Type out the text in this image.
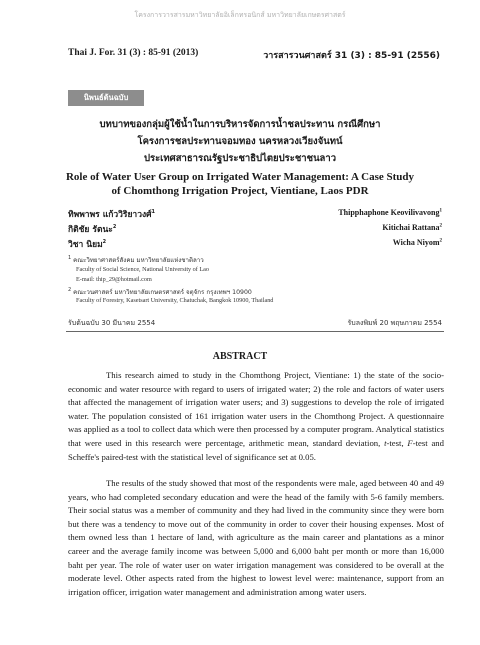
โครงการวารสารมหาวิทยาลัยอิเล็กทรอนิกส์ มหาวิทยาลัยเกษตรศาสตร์
Thai J. For. 31 (3) : 85-91 (2013)	วารสารวนศาสตร์ 31 (3) : 85-91 (2556)
นิพนธ์ต้นฉบับ
บทบาทของกลุ่มผู้ใช้น้ำในการบริหารจัดการน้ำชลประทาน กรณีศึกษา
โครงการชลประทานจอมทอง นครหลวงเวียงจันทน์
ประเทศสาธารณรัฐประชาธิปไตยประชาชนลาว
Role of Water User Group on Irrigated Water Management: A Case Study
of Chomthong Irrigation Project, Vientiane, Laos PDR
ทิพพาพร แก้ววิริยาวงศ์$^1$
กิติชัย รัตนะ$^2$
วิชา นิยม$^2$
Thipphaphone Keovilivavong$^1$
Kitichai Rattana$^2$
Wicha Niyom$^2$
$^1$ คณะวิทยาศาสตร์สังคม มหาวิทยาลัยแห่งชาติลาว
Faculty of Social Science, National University of Lao
E-mail: thip_29@hotmail.com
$^2$ คณะวนศาสตร์ มหาวิทยาลัยเกษตรศาสตร์ จตุจักร กรุงเทพฯ 10900
Faculty of Forestry, Kasetsart University, Chatuchak, Bangkok 10900, Thailand
รับต้นฉบับ 30 มีนาคม 2554	รับลงพิมพ์ 20 พฤษภาคม 2554
ABSTRACT

This research aimed to study in the Chomthong Project, Vientiane: 1) the state of the socio-economic and water resource with regard to users of irrigated water; 2) the role and factors of water users that affected the management of irrigation water users; and 3) suggestions to develop the role of irrigated water. The population consisted of 161 irrigation water users in the Chomthong Project. A questionnaire was applied as a tool to collect data which were then processed by a computer program. Analytical statistics that were used in this research were percentage, arithmetic mean, standard deviation, t-test, F-test and Scheffe's paired-test with the statistical level of significance set at 0.05.

The results of the study showed that most of the respondents were male, aged between 40 and 49 years, who had completed secondary education and were the head of the family with 5-6 family members. Their social status was a member of community and they had lived in the community since they were born but there was a tendency to move out of the community in order to cover their housing expenses. Most of them owned less than 1 hectare of land, with agriculture as the main career and plantations as a minor career and the average family income was between 5,000 and 6,000 baht per month or more than 16,000 baht per year. The role of water user on water irrigation management was considered to be overall at the moderate level. Other aspects rated from the highest to lowest level were: maintenance, support from an irrigation officer, irrigation water management and administration among water users.
